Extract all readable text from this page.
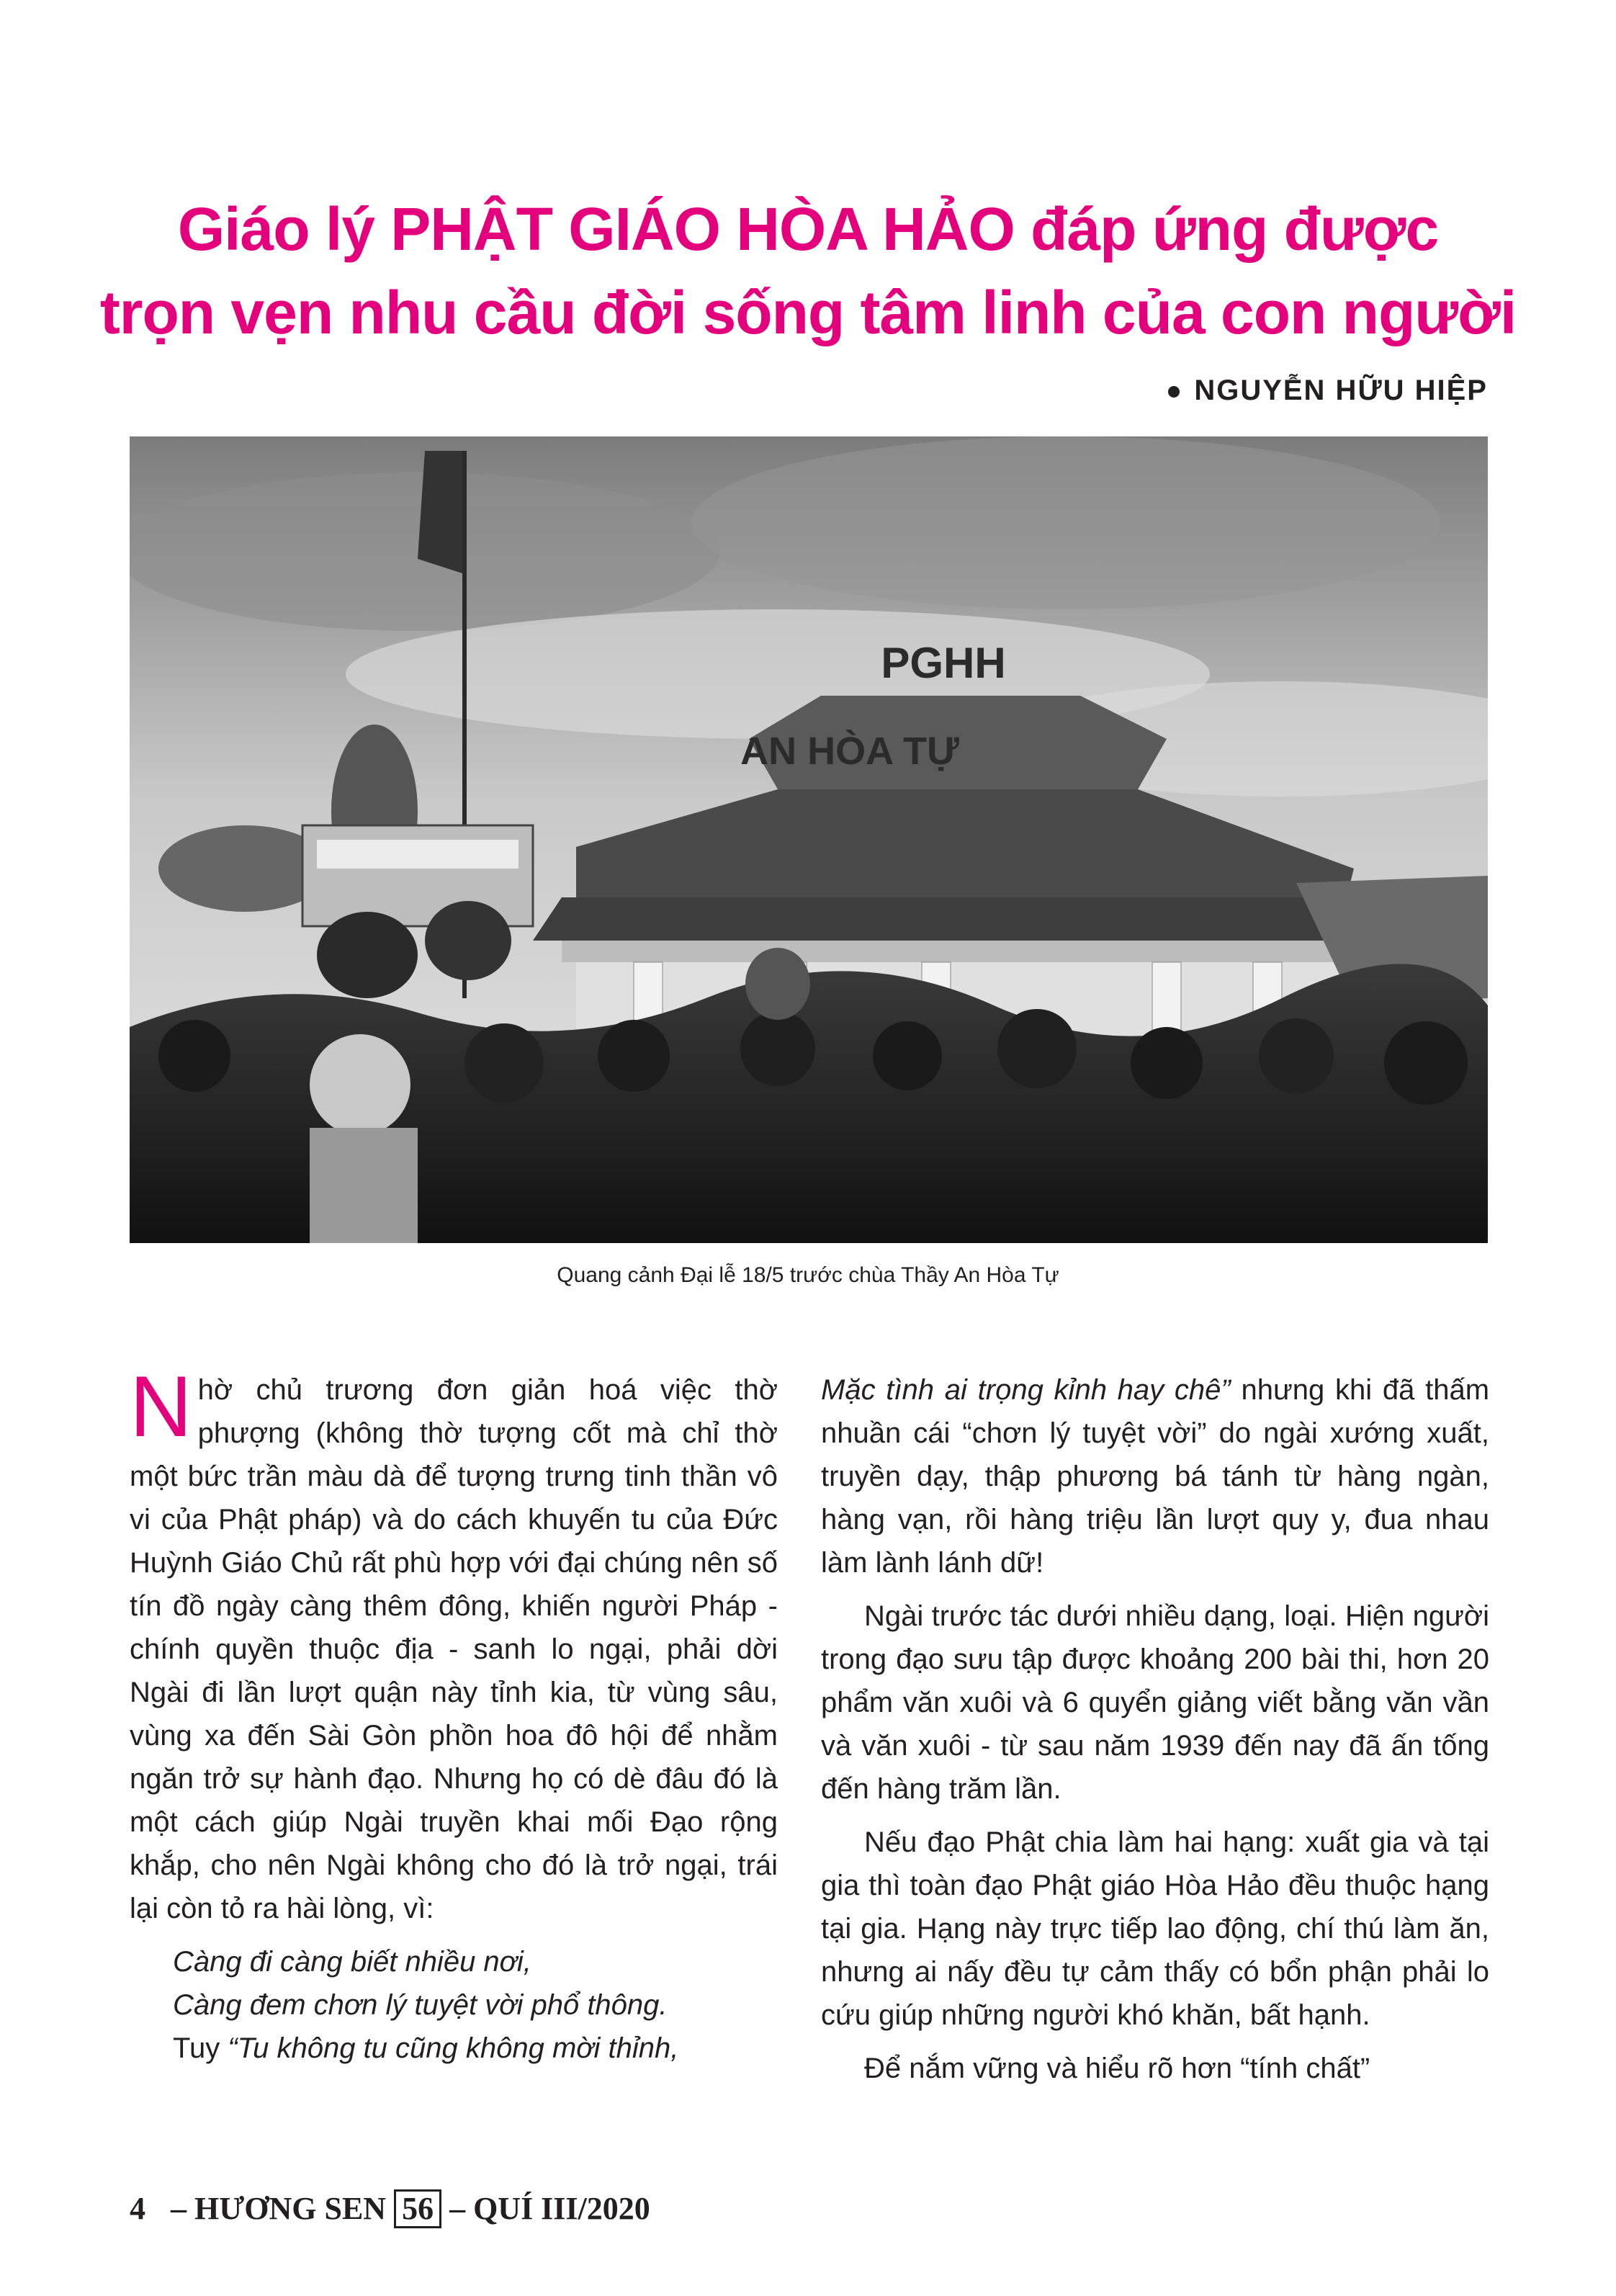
Giáo lý PHẬT GIÁO HÒA HẢO đáp ứng được
trọn vẹn nhu cầu đời sống tâm linh của con người
NGUYỄN HỮU HIỆP
PGHH
AN HÒA TỰ
Quang cảnh Đại lễ 18/5 trước chùa Thầy An Hòa Tự

Nhờ chủ trương đơn giản hoá việc thờ phượng (không thờ tượng cốt mà chỉ thờ một bức trần màu dà để tượng trưng tinh thần vô vi của Phật pháp) và do cách khuyến tu của Đức Huỳnh Giáo Chủ rất phù hợp với đại chúng nên số tín đồ ngày càng thêm đông, khiến người Pháp - chính quyền thuộc địa - sanh lo ngại, phải dời Ngài đi lần lượt quận này tỉnh kia, từ vùng sâu, vùng xa đến Sài Gòn phồn hoa đô hội để nhằm ngăn trở sự hành đạo. Nhưng họ có dè đâu đó là một cách giúp Ngài truyền khai mối Đạo rộng khắp, cho nên Ngài không cho đó là trở ngại, trái lại còn tỏ ra hài lòng, vì:

Càng đi càng biết nhiều nơi,

Càng đem chơn lý tuyệt vời phổ thông.

Tuy “Tu không tu cũng không mời thỉnh,

Mặc tình ai trọng kỉnh hay chê” nhưng khi đã thấm nhuần cái “chơn lý tuyệt vời” do ngài xướng xuất, truyền dạy, thập phương bá tánh từ hàng ngàn, hàng vạn, rồi hàng triệu lần lượt quy y, đua nhau làm lành lánh dữ!

Ngài trước tác dưới nhiều dạng, loại. Hiện người trong đạo sưu tập được khoảng 200 bài thi, hơn 20 phẩm văn xuôi và 6 quyển giảng viết bằng văn vần và văn xuôi - từ sau năm 1939 đến nay đã ấn tống đến hàng trăm lần.

Nếu đạo Phật chia làm hai hạng: xuất gia và tại gia thì toàn đạo Phật giáo Hòa Hảo đều thuộc hạng tại gia. Hạng này trực tiếp lao động, chí thú làm ăn, nhưng ai nấy đều tự cảm thấy có bổn phận phải lo cứu giúp những người khó khăn, bất hạnh.

Để nắm vững và hiểu rõ hơn “tính chất”

4 – HƯƠNG SEN 56 – QUÍ III/2020
